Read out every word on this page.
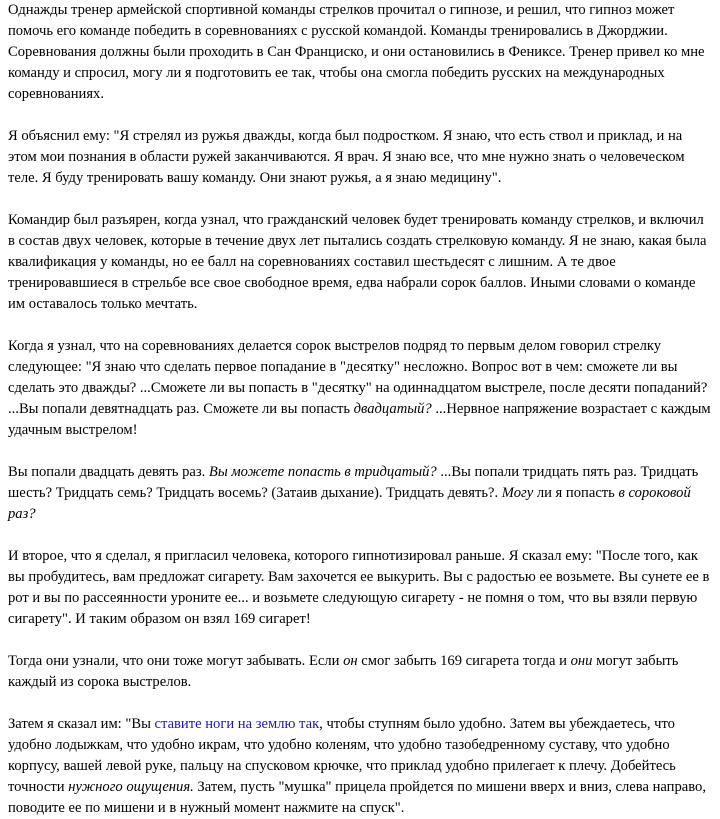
Однажды тренер армейской спортивной команды стрелков прочитал о гипнозе, и решил, что гипноз может помочь его команде победить в соревнованиях с русской командой. Команды тренировались в Джорджии. Соревнования должны были проходить в Сан Франциско, и они остановились в Фениксе. Тренер привел ко мне команду и спросил, могу ли я подготовить ее так, чтобы она смогла победить русских на международных соревнованиях.

Я объяснил ему: "Я стрелял из ружья дважды, когда был подростком. Я знаю, что есть ствол и приклад, и на этом мои познания в области ружей заканчиваются. Я врач. Я знаю все, что мне нужно знать о человеческом теле. Я буду тренировать вашу команду. Они знают ружья, а я знаю медицину".

Командир был разъярен, когда узнал, что гражданский человек будет тренировать команду стрелков, и включил в состав двух человек, которые в течение двух лет пытались создать стрелковую команду. Я не знаю, какая была квалификация у команды, но ее балл на соревнованиях составил шестьдесят с лишним. А те двое тренировавшиеся в стрельбе все свое свободное время, едва набрали сорок баллов. Иными словами о команде им оставалось только мечтать.

Когда я узнал, что на соревнованиях делается сорок выстрелов подряд то первым делом говорил стрелку следующее: "Я знаю что сделать первое попадание в "десятку" несложно. Вопрос вот в чем: сможете ли вы сделать это дважды? ...Сможете ли вы попасть в "десятку" на одиннадцатом выстреле, после десяти попаданий? ...Вы попали девятнадцать раз. Сможете ли вы попасть двадцатый? ...Нервное напряжение возрастает с каждым удачным выстрелом!

Вы попали двадцать девять раз. Вы можете попасть в тридцатый? ...Вы попали тридцать пять раз. Тридцать шесть? Тридцать семь? Тридцать восемь? (Затаив дыхание). Тридцать девять?. Могу ли я попасть в сороковой раз?

И второе, что я сделал, я пригласил человека, которого гипнотизировал раньше. Я сказал ему: "После того, как вы пробудитесь, вам предложат сигарету. Вам захочется ее выкурить. Вы с радостью ее возьмете. Вы сунете ее в рот и вы по рассеянности уроните ее... и возьмете следующую сигарету - не помня о том, что вы взяли первую сигарету". И таким образом он взял 169 сигарет!

Тогда они узнали, что они тоже могут забывать. Если он смог забыть 169 сигарета тогда и они могут забыть каждый из сорока выстрелов.

Затем я сказал им: "Вы ставите ноги на землю так, чтобы ступням было удобно. Затем вы убеждаетесь, что удобно лодыжкам, что удобно икрам, что удобно коленям, что удобно тазобедренному суставу, что удобно корпусу, вашей левой руке, пальцу на спусковом крючке, что приклад удобно прилегает к плечу. Добейтесь точности нужного ощущения. Затем, пусть "мушка" прицела пройдется по мишени вверх и вниз, слева направо, поводите ее по мишени и в нужный момент нажмите на спуск".
